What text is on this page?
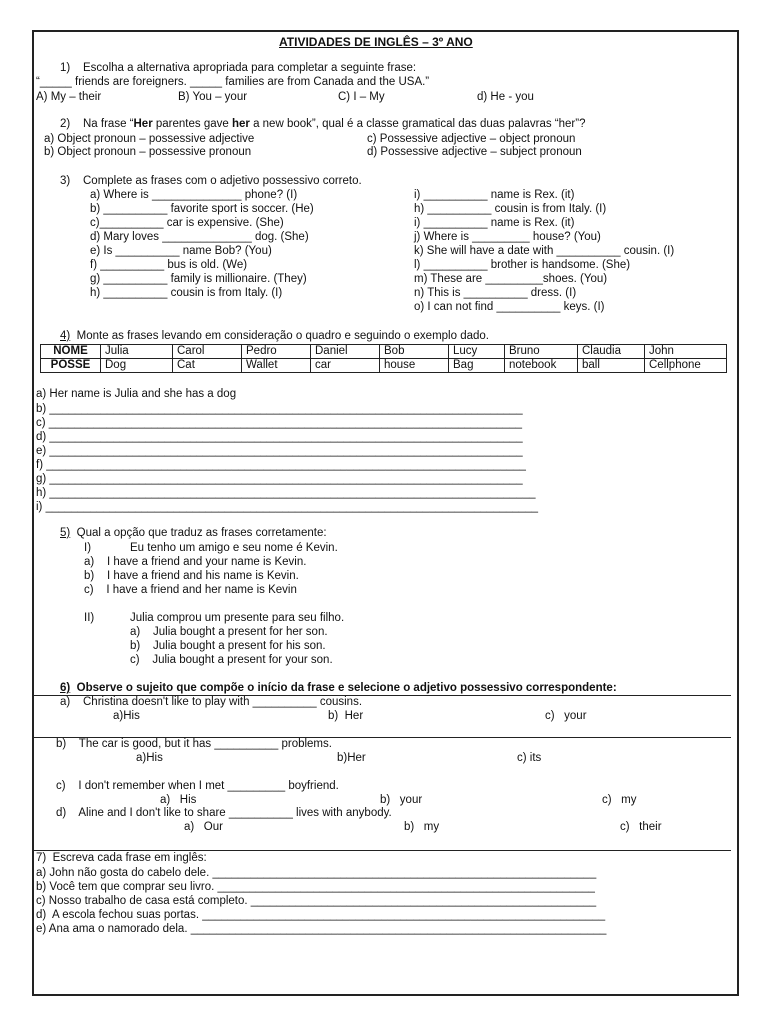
ATIVIDADES DE INGLÊS – 3º ANO
1)    Escolha a alternativa apropriada para completar a seguinte frase:
“_____ friends are foreigners. _____ families are from Canada and the USA.”
A) My – their	B) You – your	C) I – My	d) He - you
2)    Na frase “Her parentes gave her a new book”, qual é a classe gramatical das duas palavras “her”?
a) Object pronoun – possessive adjective	c) Possessive adjective – object pronoun
b) Object pronoun – possessive pronoun	d) Possessive adjective – subject pronoun
3)    Complete as frases com o adjetivo possessivo correto.
a) Where is ______________ phone? (I)
b) __________ favorite sport is soccer. (He)
c)__________ car is expensive. (She)
d) Mary loves ______________ dog. (She)
e) Is __________ name Bob? (You)
f) __________ bus is old. (We)
g) __________ family is millionaire. (They)
h) __________ cousin is from Italy. (I)
i) __________ name is Rex. (it)
h) __________ cousin is from Italy. (I)
i) __________ name is Rex. (it)
j) Where is _________ house? (You)
k) She will have a date with __________ cousin. (I)
l) __________ brother is handsome. (She)
m) These are _________shoes. (You)
n) This is __________ dress. (I)
o) I can not find __________ keys. (I)
4)  Monte as frases levando em consideração o quadro e seguindo o exemplo dado.
NOME	Julia	Carol	Pedro	Daniel	Bob	Lucy	Bruno	Claudia	John
POSSE	Dog	Cat	Wallet	car	house	Bag	notebook	ball	Cellphone
a) Her name is Julia and she has a dog
b) __________________________________________________________________________
c) __________________________________________________________________________
d) __________________________________________________________________________
e) __________________________________________________________________________
f) ___________________________________________________________________________
g) __________________________________________________________________________
h) ____________________________________________________________________________
i) _____________________________________________________________________________
5)  Qual a opção que traduz as frases corretamente:
I)	Eu tenho um amigo e seu nome é Kevin.
a)    I have a friend and your name is Kevin.
b)    I have a friend and his name is Kevin.
c)    I have a friend and her name is Kevin
II)	Julia comprou um presente para seu filho.
a)    Julia bought a present for her son.
b)    Julia bought a present for his son.
c)    Julia bought a present for your son.
6)  Observe o sujeito que compõe o início da frase e selecione o adjetivo possessivo correspondente:
a)    Christina doesn't like to play with __________ cousins.
a)His	b)  Her	c)   your
b)    The car is good, but it has __________ problems.
a)His	b)Her	c) its
c)    I don't remember when I met _________ boyfriend.
a)   His	b)   your	c)   my
d)    Aline and I don't like to share __________ lives with anybody.
a)   Our	b)   my	c)   their
7)  Escreva cada frase em inglês:
a) John não gosta do cabelo dele. ____________________________________________________________
b) Você tem que comprar seu livro. ___________________________________________________________
c) Nosso trabalho de casa está completo. ______________________________________________________
d)  A escola fechou suas portas. _______________________________________________________________
e) Ana ama o namorado dela. _________________________________________________________________
